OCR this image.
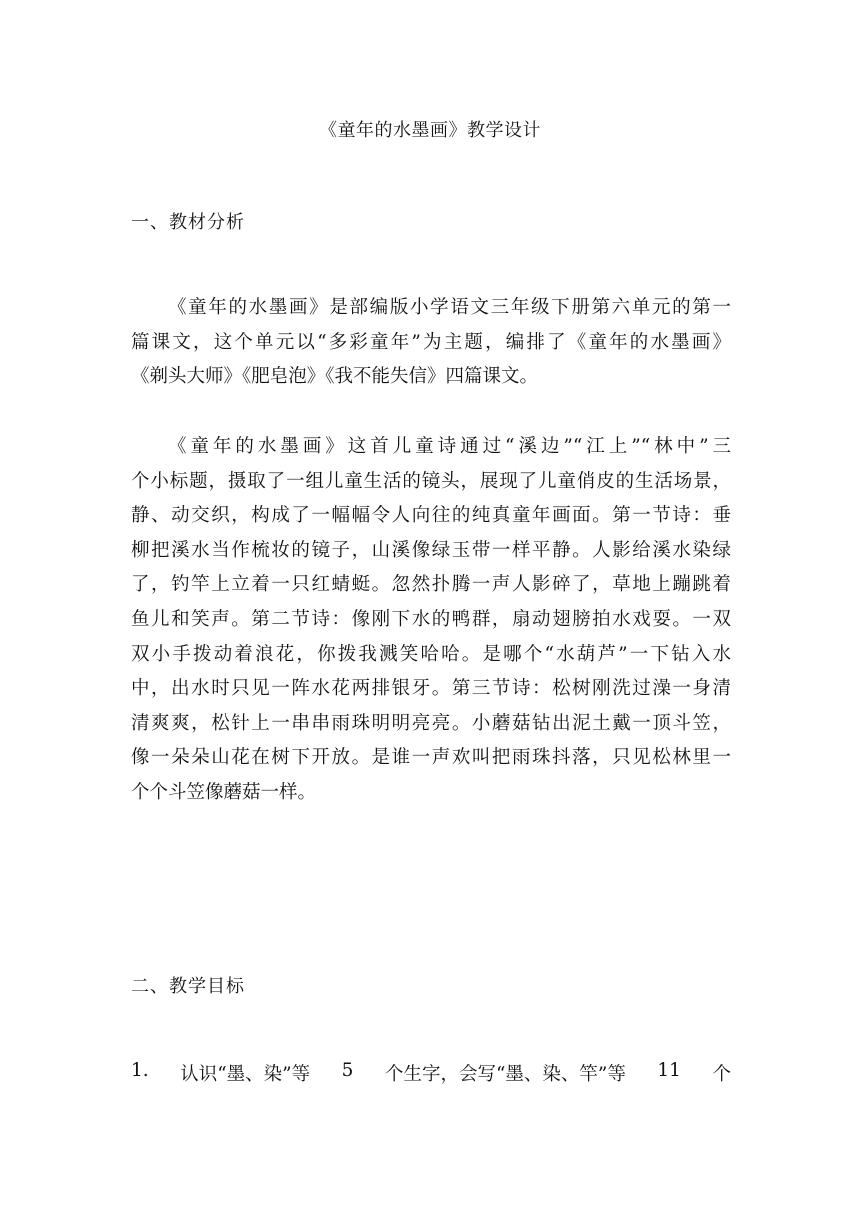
《童年的水墨画》教学设计
一、教材分析
《童年的水墨画》是部编版小学语文三年级下册第六单元的第一
篇课文，这个单元以“多彩童年”为主题，编排了《童年的水墨画》
《剃头大师》《肥皂泡》《我不能失信》四篇课文。
《童年的水墨画》这首儿童诗通过“溪边”“江上”“林中”三
个小标题，摄取了一组儿童生活的镜头，展现了儿童俏皮的生活场景，
静、动交织，构成了一幅幅令人向往的纯真童年画面。第一节诗：垂
柳把溪水当作梳妆的镜子，山溪像绿玉带一样平静。人影给溪水染绿
了，钓竿上立着一只红蜻蜓。忽然扑腾一声人影碎了，草地上蹦跳着
鱼儿和笑声。第二节诗：像刚下水的鸭群，扇动翅膀拍水戏耍。一双
双小手拨动着浪花，你拨我溅笑哈哈。是哪个“水葫芦”一下钻入水
中，出水时只见一阵水花两排银牙。第三节诗：松树刚洗过澡一身清
清爽爽，松针上一串串雨珠明明亮亮。小蘑菇钻出泥土戴一顶斗笠，
像一朵朵山花在树下开放。是谁一声欢叫把雨珠抖落，只见松林里一
个个斗笠像蘑菇一样。
二、教学目标
1. 认识“墨、染”等 5 个生字，会写“墨、染、竿”等 11 个
